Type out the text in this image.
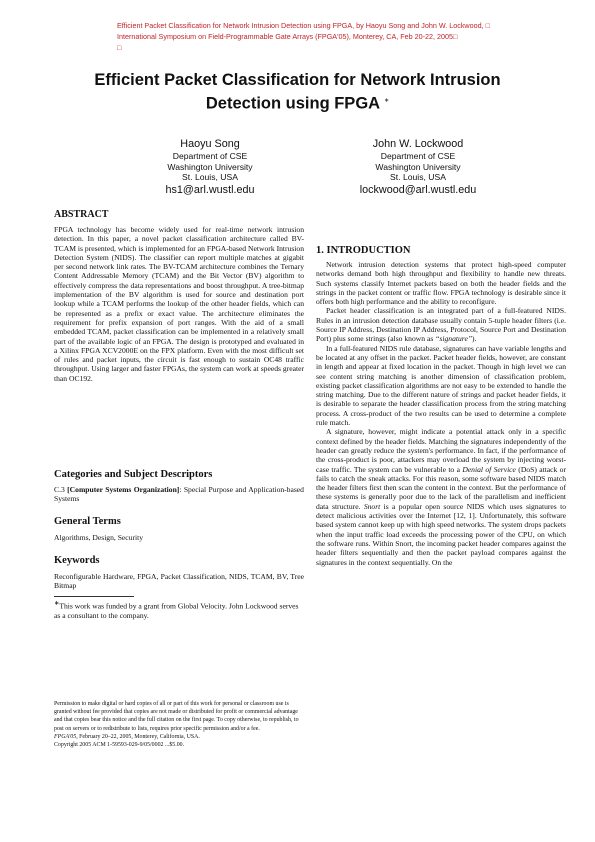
Efficient Packet Classification for Network Intrusion Detection using FPGA, by Haoyu Song and John W. Lockwood, □
International Symposium on Field-Programmable Gate Arrays (FPGA'05), Monterey, CA, Feb 20-22, 2005□
□
Efficient Packet Classification for Network Intrusion
Detection using FPGA ∗
Haoyu Song
Department of CSE
Washington University
St. Louis, USA
hs1@arl.wustl.edu
John W. Lockwood
Department of CSE
Washington University
St. Louis, USA
lockwood@arl.wustl.edu
ABSTRACT

FPGA technology has become widely used for real-time network intrusion detection. In this paper, a novel packet classification architecture called BV-TCAM is presented, which is implemented for an FPGA-based Network Intrusion Detection System (NIDS). The classifier can report multiple matches at gigabit per second network link rates. The BV-TCAM architecture combines the Ternary Content Addressable Memory (TCAM) and the Bit Vector (BV) algorithm to effectively compress the data representations and boost throughput. A tree-bitmap implementation of the BV algorithm is used for source and destination port lookup while a TCAM performs the lookup of the other header fields, which can be represented as a prefix or exact value. The architecture eliminates the requirement for prefix expansion of port ranges. With the aid of a small embedded TCAM, packet classification can be implemented in a relatively small part of the available logic of an FPGA. The design is prototyped and evaluated in a Xilinx FPGA XCV2000E on the FPX platform. Even with the most difficult set of rules and packet inputs, the circuit is fast enough to sustain OC48 traffic throughput. Using larger and faster FPGAs, the system can work at speeds greater than OC192.

Categories and Subject Descriptors

C.3 [Computer Systems Organization]: Special Purpose and Application-based Systems

General Terms

Algorithms, Design, Security

Keywords

Reconfigurable Hardware, FPGA, Packet Classification, NIDS, TCAM, BV, Tree Bitmap

∗This work was funded by a grant from Global Velocity. John Lockwood serves as a consultant to the company.
Permission to make digital or hard copies of all or part of this work for personal or classroom use is granted without fee provided that copies are not made or distributed for profit or commercial advantage and that copies bear this notice and the full citation on the first page. To copy otherwise, to republish, to post on servers or to redistribute to lists, requires prior specific permission and/or a fee.
FPGA'05, February 20–22, 2005, Monterey, California, USA.
Copyright 2005 ACM 1-59593-029-9/05/0002 ...$5.00.
1. INTRODUCTION

Network intrusion detection systems that protect high-speed computer networks demand both high throughput and flexibility to handle new threats. Such systems classify Internet packets based on both the header fields and the strings in the packet content or traffic flow. FPGA technology is desirable since it offers both high performance and the ability to reconfigure.

Packet header classification is an integrated part of a full-featured NIDS. Rules in an intrusion detection database usually contain 5-tuple header filters (i.e. Source IP Address, Destination IP Address, Protocol, Source Port and Destination Port) plus some strings (also known as “signature”).

In a full-featured NIDS rule database, signatures can have variable lengths and be located at any offset in the packet. Packet header fields, however, are constant in length and appear at fixed location in the packet. Though in high level we can see content string matching is another dimension of classification problem, existing packet classification algorithms are not easy to be extended to handle the string matching. Due to the different nature of strings and packet header fields, it is desirable to separate the header classification process from the string matching process. A cross-product of the two results can be used to determine a complete rule match.

A signature, however, might indicate a potential attack only in a specific context defined by the header fields. Matching the signatures independently of the header can greatly reduce the system's performance. In fact, if the performance of the cross-product is poor, attackers may overload the system by injecting worst-case traffic. The system can be vulnerable to a Denial of Service (DoS) attack or fails to catch the sneak attacks. For this reason, some software based NIDS match the header filters first then scan the content in the context. But the performance of these systems is generally poor due to the lack of the parallelism and inefficient data structure. Snort is a popular open source NIDS which uses signatures to detect malicious activities over the Internet [12, 1]. Unfortunately, this software based system cannot keep up with high speed networks. The system drops packets when the input traffic load exceeds the processing power of the CPU, on which the software runs. Within Snort, the incoming packet header compares against the header filters sequentially and then the packet payload compares against the signatures in the context sequentially. On the
